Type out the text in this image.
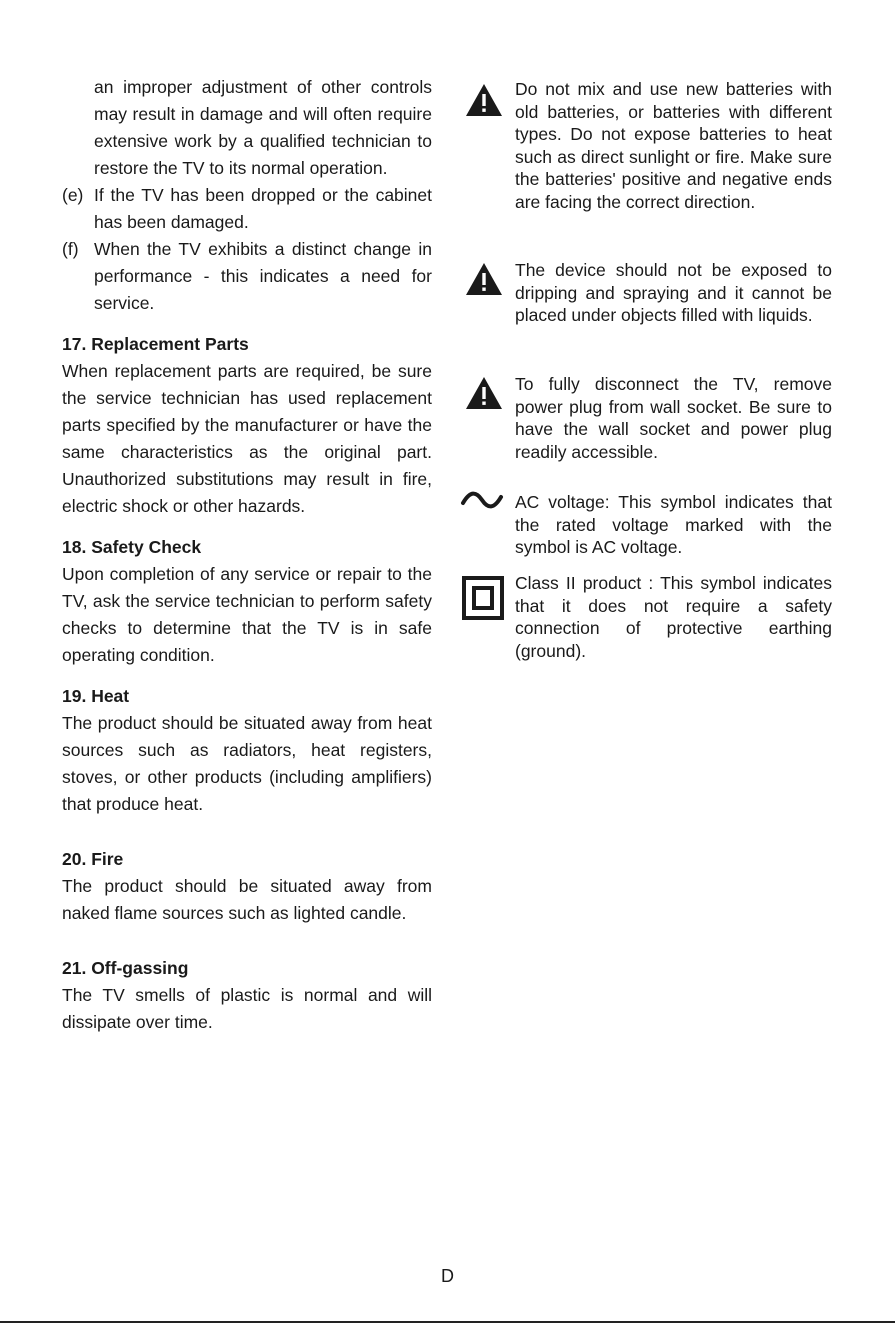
an improper adjustment of other controls may result in damage and will often require extensive work by a qualified technician to restore the TV to its normal operation.

(e) If the TV has been dropped or the cabinet has been damaged.
(f) When the TV exhibits a distinct change in performance - this indicates a need for service.
17. Replacement Parts

When replacement parts are required, be sure the service technician has used replacement parts specified by the manufacturer or have the same characteristics as the original part. Unauthorized substitutions may result in fire, electric shock or other hazards.

18. Safety Check

Upon completion of any service or repair to the TV, ask the service technician to perform safety checks to determine that the TV is in safe operating condition.

19. Heat

The product should be situated away from heat sources such as radiators, heat registers, stoves, or other products (including amplifiers) that produce heat.

20. Fire

The product should be situated away from naked flame sources such as lighted candle.

21. Off-gassing

The TV smells of plastic is normal and will dissipate over time.

Do not mix and use new batteries with old batteries, or batteries with different types. Do not expose batteries to heat such as direct sunlight or fire. Make sure the batteries' positive and negative ends are facing the correct direction.
The device should not be exposed to dripping and spraying and it cannot be placed under objects filled with liquids.
To fully disconnect the TV, remove power plug from wall socket. Be sure to have the wall socket and power plug readily accessible.
AC voltage: This symbol indicates that the rated voltage marked with the symbol is AC voltage.
Class II product : This symbol indicates that it does not require a safety connection of protective earthing (ground).
D
